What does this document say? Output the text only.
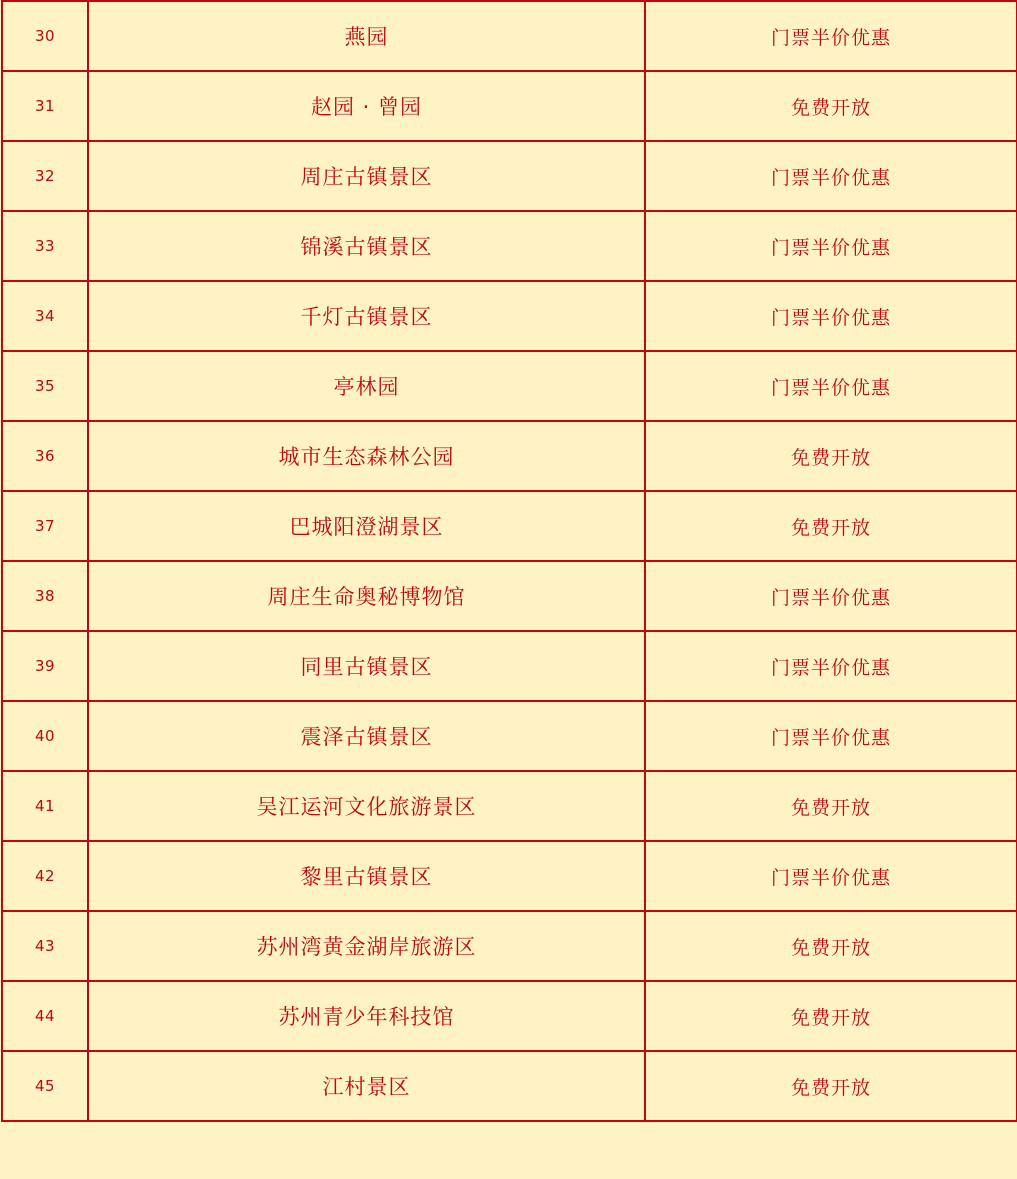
30	燕园	门票半价优惠
31	赵园 · 曾园	免费开放
32	周庄古镇景区	门票半价优惠
33	锦溪古镇景区	门票半价优惠
34	千灯古镇景区	门票半价优惠
35	亭林园	门票半价优惠
36	城市生态森林公园	免费开放
37	巴城阳澄湖景区	免费开放
38	周庄生命奥秘博物馆	门票半价优惠
39	同里古镇景区	门票半价优惠
40	震泽古镇景区	门票半价优惠
41	吴江运河文化旅游景区	免费开放
42	黎里古镇景区	门票半价优惠
43	苏州湾黄金湖岸旅游区	免费开放
44	苏州青少年科技馆	免费开放
45	江村景区	免费开放
